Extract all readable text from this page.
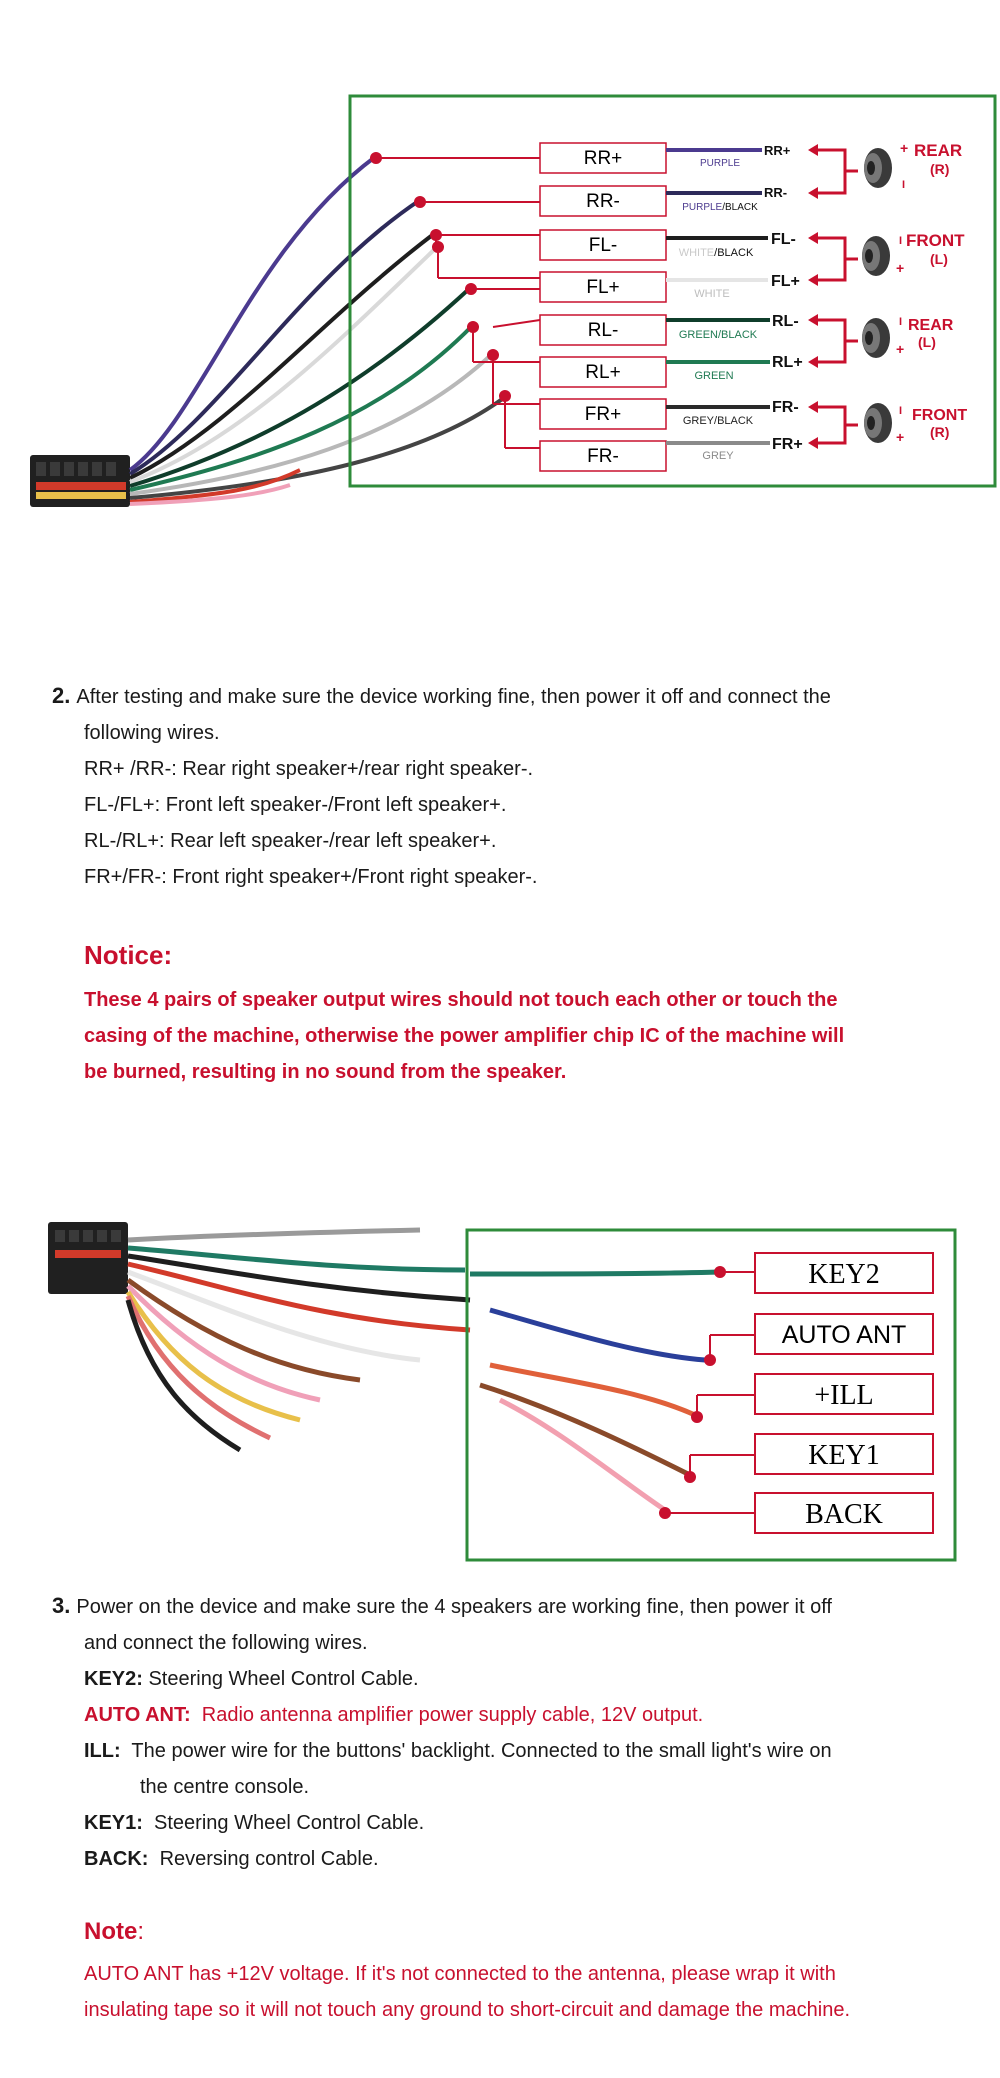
RR+
RR-
FL-
FL+
RL-
RL+
FR+
FR-
PURPLE
PURPLE/BLACK
WHITE/BLACK
WHITE
GREEN/BLACK
GREEN
GREY/BLACK
GREY
RR+
RR-
FL-
FL+
RL-
RL+
FR-
FR+
+
I
REAR
(R)
I
+
FRONT
(L)
I
+
REAR
(L)
I
+
FRONT
(R)
2. After testing and make sure the device working fine, then power it off and connect the
following wires.
RR+ /RR-: Rear right speaker+/rear right speaker-.
FL-/FL+: Front left speaker-/Front left speaker+.
RL-/RL+: Rear left speaker-/rear left speaker+.
FR+/FR-: Front right speaker+/Front right speaker-.
Notice:
These 4 pairs of speaker output wires should not touch each other or touch the
casing of the machine, otherwise the power amplifier chip IC of the machine will
be burned, resulting in no sound from the speaker.
KEY2
AUTO ANT
+ILL
KEY1
BACK
3. Power on the device and make sure the 4 speakers are working fine, then power it off
and connect the following wires.
KEY2: Steering Wheel Control Cable.
AUTO ANT: Radio antenna amplifier power supply cable, 12V output.
ILL: The power wire for the buttons' backlight. Connected to the small light's wire on
the centre console.
KEY1: Steering Wheel Control Cable.
BACK: Reversing control Cable.
Note:
AUTO ANT has +12V voltage. If it's not connected to the antenna, please wrap it with
insulating tape so it will not touch any ground to short-circuit and damage the machine.
